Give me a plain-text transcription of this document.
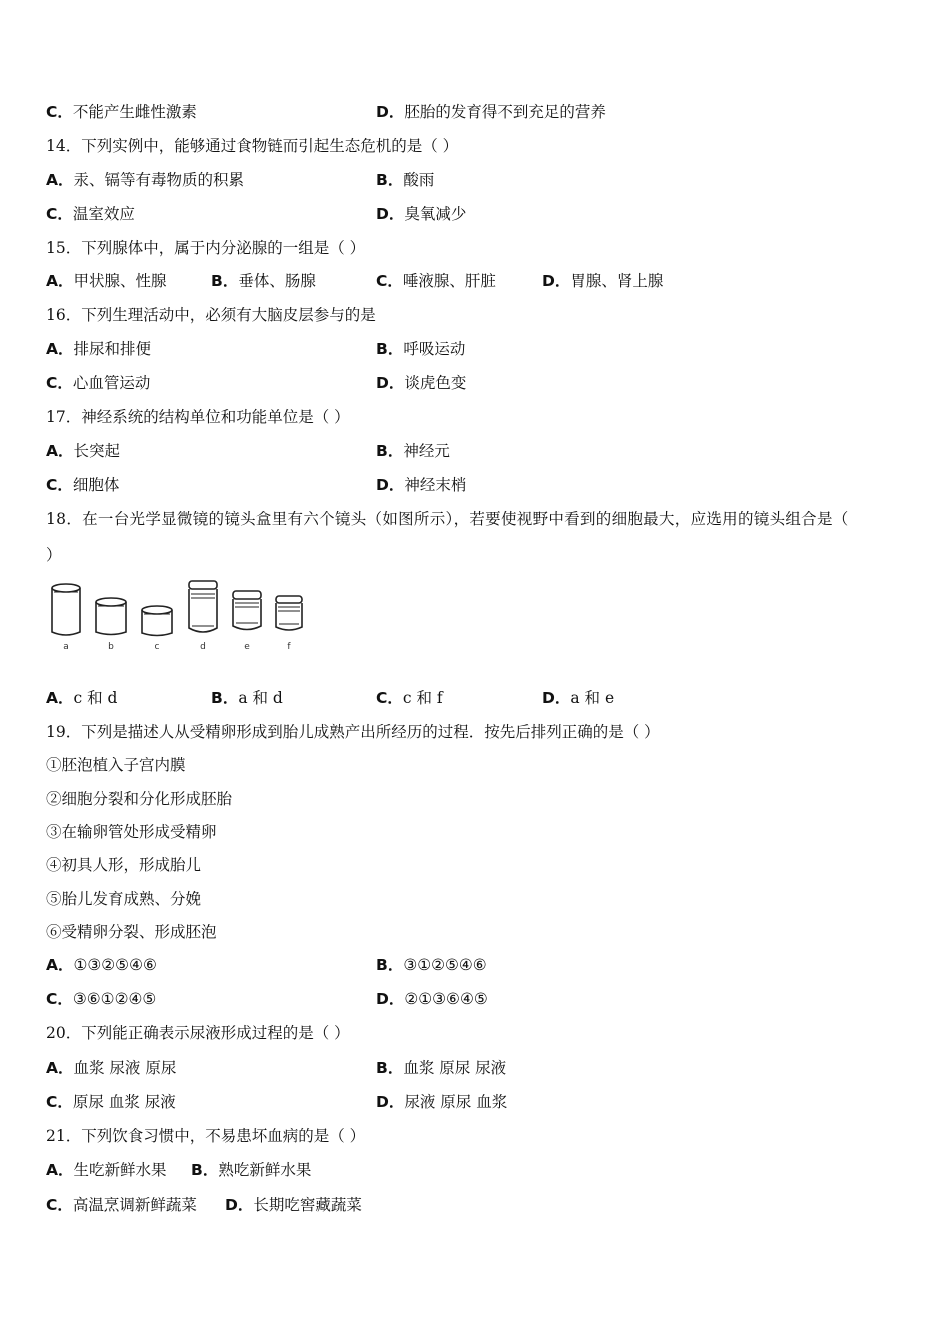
C．不能产生雌性激素	D．胚胎的发育得不到充足的营养
14．下列实例中，能够通过食物链而引起生态危机的是（ ）
A．汞、镉等有毒物质的积累	B．酸雨
C．温室效应	D．臭氧减少
15．下列腺体中，属于内分泌腺的一组是（ ）
A．甲状腺、性腺	B．垂体、肠腺	C．唾液腺、肝脏	D．胃腺、肾上腺
16．下列生理活动中，必须有大脑皮层参与的是
A．排尿和排便	B．呼吸运动
C．心血管运动	D．谈虎色变
17．神经系统的结构单位和功能单位是（ ）
A．长突起	B．神经元
C．细胞体	D．神经末梢
18．在一台光学显微镜的镜头盒里有六个镜头（如图所示），若要使视野中看到的细胞最大，应选用的镜头组合是（
）
a	b	c	d	e	f
A．c 和 d	B．a 和 d	C．c 和 f	D．a 和 e
19．下列是描述人从受精卵形成到胎儿成熟产出所经历的过程．按先后排列正确的是（ ）
①胚泡植入子宫内膜
②细胞分裂和分化形成胚胎
③在输卵管处形成受精卵
④初具人形，形成胎儿
⑤胎儿发育成熟、分娩
⑥受精卵分裂、形成胚泡
A．①③②⑤④⑥	B．③①②⑤④⑥
C．③⑥①②④⑤	D．②①③⑥④⑤
20．下列能正确表示尿液形成过程的是（ ）
A．血浆 尿液 原尿	B．血浆 原尿 尿液
C．原尿 血浆 尿液	D．尿液 原尿 血浆
21．下列饮食习惯中，不易患坏血病的是（ ）
A．生吃新鲜水果 B．熟吃新鲜水果
C．高温烹调新鲜蔬菜 D．长期吃窖藏蔬菜
